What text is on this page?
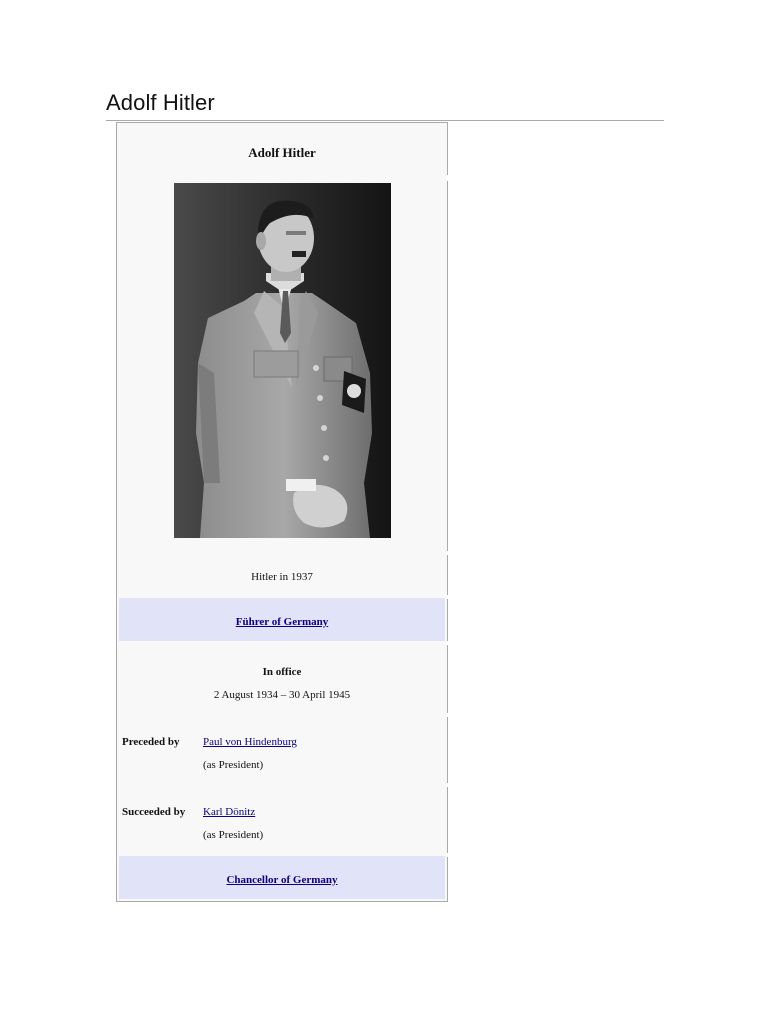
Adolf Hitler
Adolf Hitler
Hitler in 1937
Führer of Germany
In office
2 August 1934 – 30 April 1945
Preceded by Paul von Hindenburg
(as President)
Succeeded by Karl Dönitz
(as President)
Chancellor of Germany
